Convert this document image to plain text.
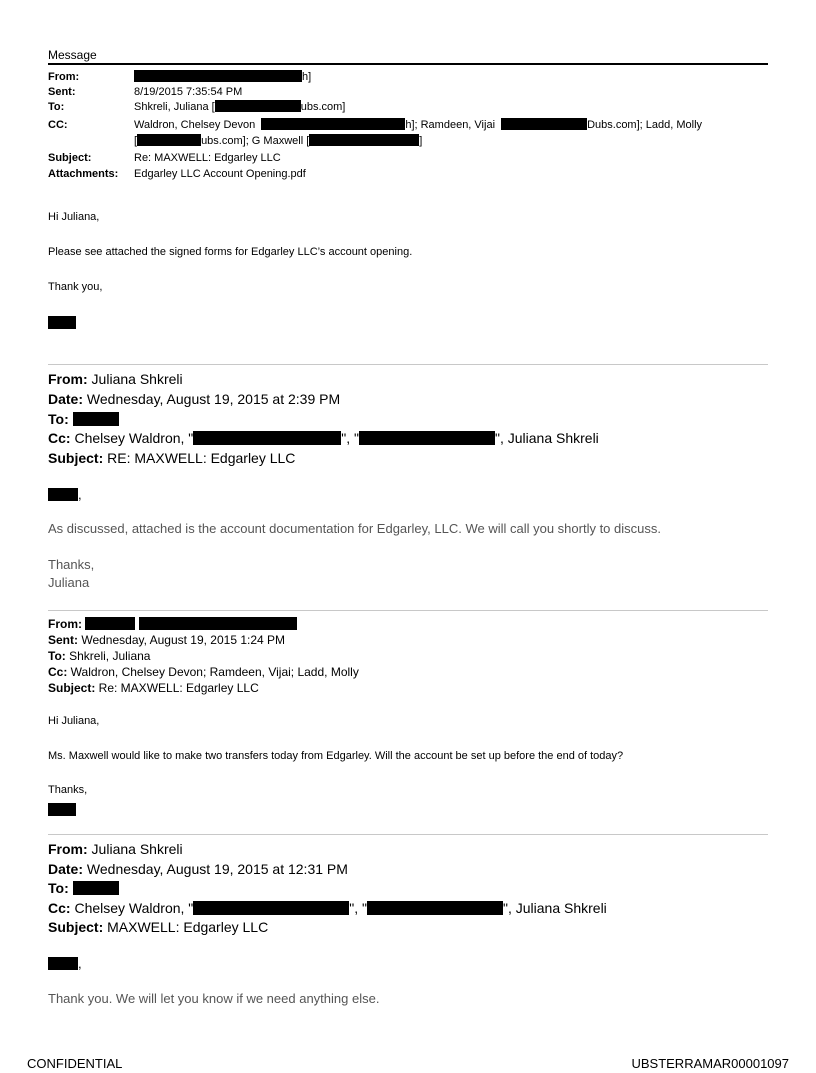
Message
From:	h]
Sent:	8/19/2015 7:35:54 PM
To:	Shkreli, Juliana [	ubs.com]
CC:	Waldron, Chelsey Devon	h]; Ramdeen, Vijai	Dubs.com]; Ladd, Molly
[	ubs.com]; G Maxwell [	]
Subject:	Re: MAXWELL: Edgarley LLC
Attachments:	Edgarley LLC Account Opening.pdf
Hi Juliana,
Please see attached the signed forms for Edgarley LLC’s account opening.
Thank you,
From: Juliana Shkreli
Date: Wednesday, August 19, 2015 at 2:39 PM
To:
Cc: Chelsey Waldron, "	", "	", Juliana Shkreli
Subject: RE: MAXWELL: Edgarley LLC
,
As discussed, attached is the account documentation for Edgarley, LLC. We will call you shortly to discuss.
Thanks,
Juliana
From:
Sent: Wednesday, August 19, 2015 1:24 PM
To: Shkreli, Juliana
Cc: Waldron, Chelsey Devon; Ramdeen, Vijai; Ladd, Molly
Subject: Re: MAXWELL: Edgarley LLC
Hi Juliana,
Ms. Maxwell would like to make two transfers today from Edgarley. Will the account be set up before the end of today?
Thanks,
From: Juliana Shkreli
Date: Wednesday, August 19, 2015 at 12:31 PM
To:
Cc: Chelsey Waldron, "	", "	", Juliana Shkreli
Subject: MAXWELL: Edgarley LLC
,
Thank you. We will let you know if we need anything else.
CONFIDENTIAL	UBSTERRAMAR00001097
